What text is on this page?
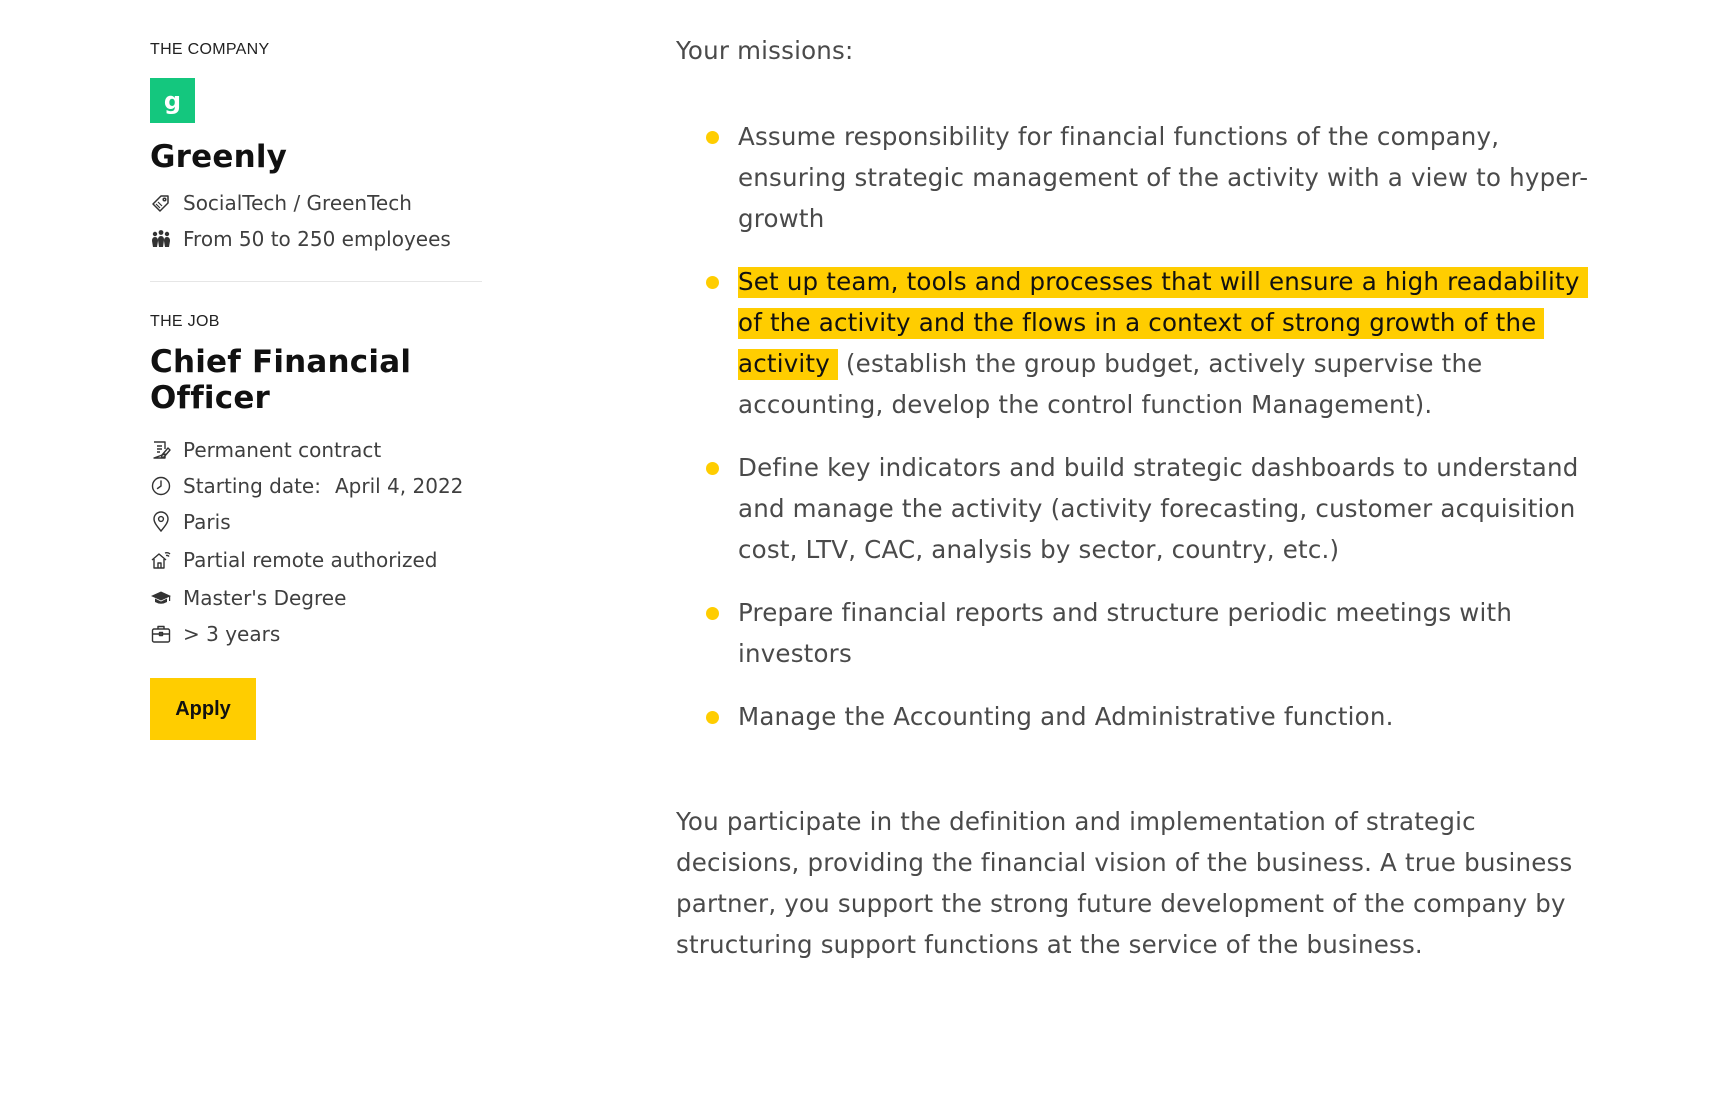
THE COMPANY

g
Greenly
SocialTech / GreenTech
From 50 to 250 employees

THE JOB

Chief Financial Officer
Permanent contract
Starting date: April 4, 2022
Paris
Partial remote authorized
Master's Degree
> 3 years
Apply

Your missions:

Assume responsibility for financial functions of the company, ensuring strategic management of the activity with a view to hyper-growth
Set up team, tools and processes that will ensure a high readability of the activity and the flows in a context of strong growth of the activity (establish the group budget, actively supervise the accounting, develop the control function Management).
Define key indicators and build strategic dashboards to understand and manage the activity (activity forecasting, customer acquisition cost, LTV, CAC, analysis by sector, country, etc.)
Prepare financial reports and structure periodic meetings with investors
Manage the Accounting and Administrative function.

You participate in the definition and implementation of strategic decisions, providing the financial vision of the business. A true business partner, you support the strong future development of the company by structuring support functions at the service of the business.
